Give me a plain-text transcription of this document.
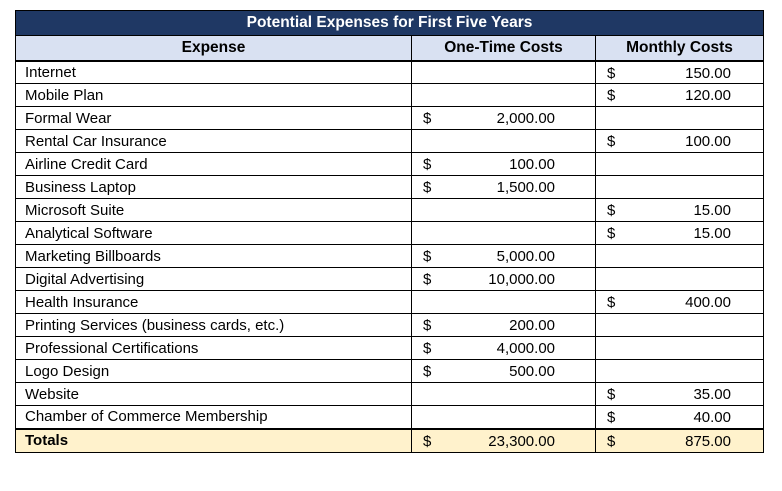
Potential Expenses for First Five Years		
Expense	One-Time Costs	Monthly Costs
Internet		$ 150.00

Mobile Plan		$ 120.00

Formal Wear	$ 2,000.00	

Rental Car Insurance		$ 100.00

Airline Credit Card	$ 100.00	

Business Laptop	$ 1,500.00	

Microsoft Suite		$ 15.00

Analytical Software		$ 15.00

Marketing Billboards	$ 5,000.00	

Digital Advertising	$ 10,000.00	

Health Insurance		$ 400.00

Printing Services (business cards, etc.)	$ 200.00	

Professional Certifications	$ 4,000.00	

Logo Design	$ 500.00	

Website		$ 35.00

Chamber of Commerce Membership		$ 40.00

Totals	$ 23,300.00	$ 875.00
